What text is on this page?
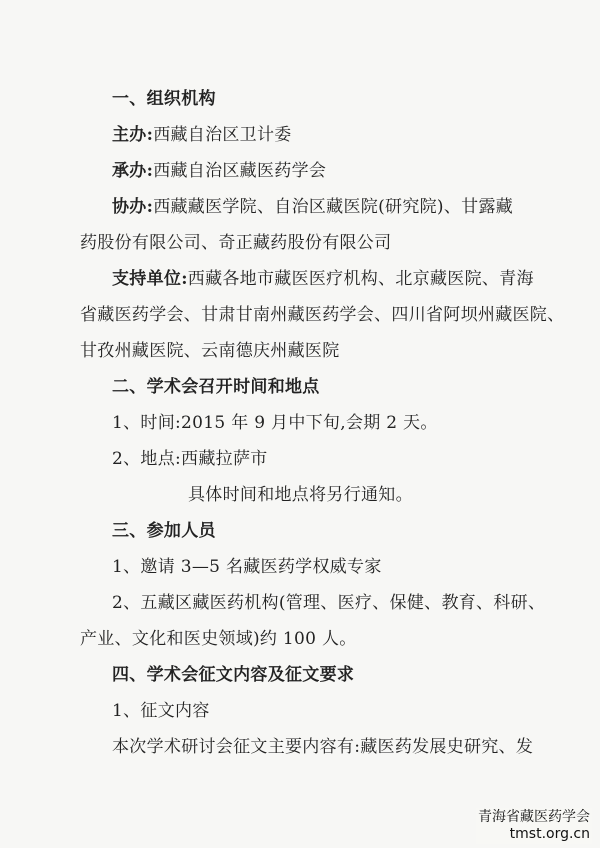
一、组织机构
主办:西藏自治区卫计委
承办:西藏自治区藏医药学会
协办:西藏藏医学院、自治区藏医院(研究院)、甘露藏
药股份有限公司、奇正藏药股份有限公司
支持单位:西藏各地市藏医医疗机构、北京藏医院、青海
省藏医药学会、甘肃甘南州藏医药学会、四川省阿坝州藏医院、
甘孜州藏医院、云南德庆州藏医院
二、学术会召开时间和地点
1、时间:2015 年 9 月中下旬,会期 2 天。
2、地点:西藏拉萨市
具体时间和地点将另行通知。
三、参加人员
1、邀请 3—5 名藏医药学权威专家
2、五藏区藏医药机构(管理、医疗、保健、教育、科研、
产业、文化和医史领域)约 100 人。
四、学术会征文内容及征文要求
1、征文内容
本次学术研讨会征文主要内容有:藏医药发展史研究、发
青海省藏医药学会
tmst.org.cn
